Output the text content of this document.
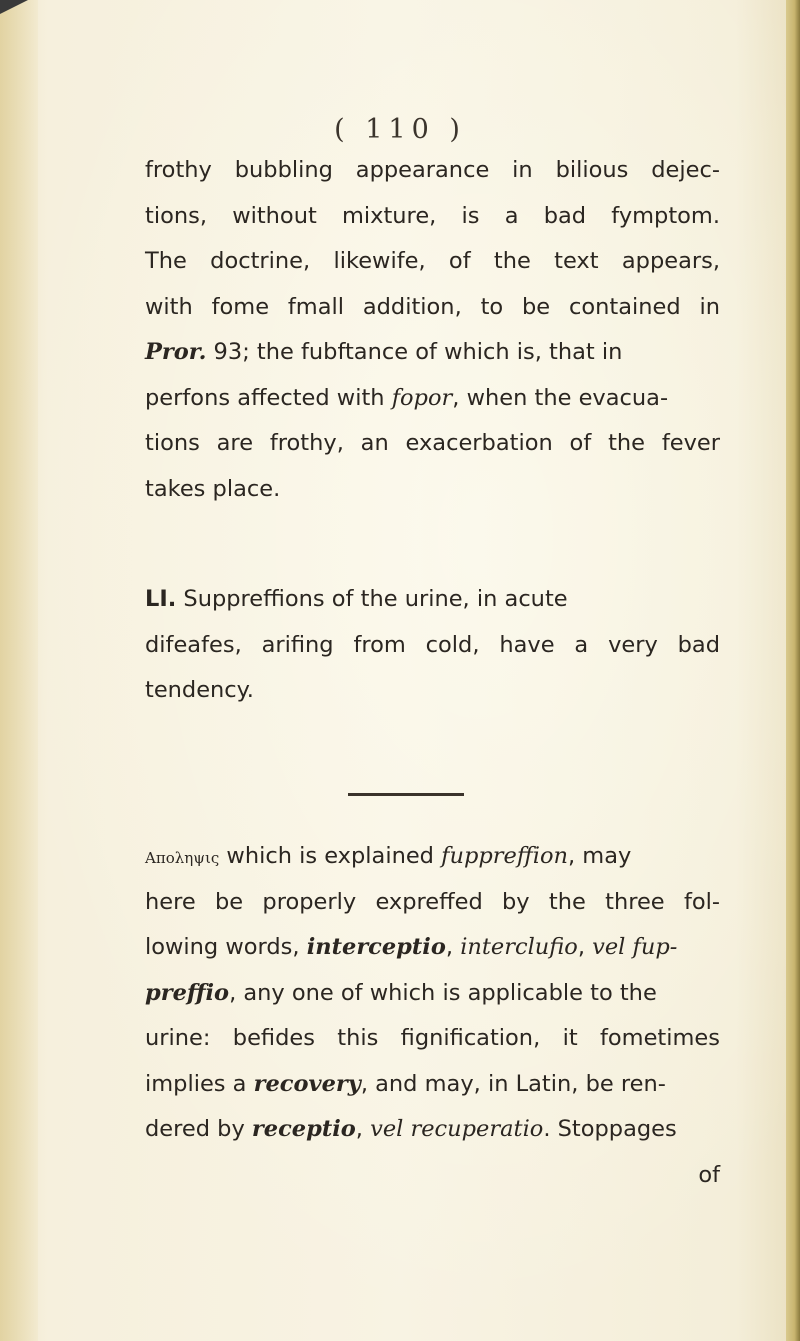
( 110 )
frothy bubbling appearance in bilious dejec-
tions, without mixture, is a bad fymptom.
The doctrine, likewife, of the text appears,
with fome fmall addition, to be contained in
Pror. 93; the fubftance of which is, that in
perfons affected with fopor, when the evacua-
tions are frothy, an exacerbation of the fever
takes place.
LI. Suppreffions of the urine, in acute
difeafes, arifing from cold, have a very bad
tendency.
Αποληψις which is explained fuppreffion, may
here be properly expreffed by the three fol-
lowing words, interceptio, interclufio, vel fup-
preffio, any one of which is applicable to the
urine: befides this fignification, it fometimes
implies a recovery, and may, in Latin, be ren-
dered by receptio, vel recuperatio. Stoppages
of
